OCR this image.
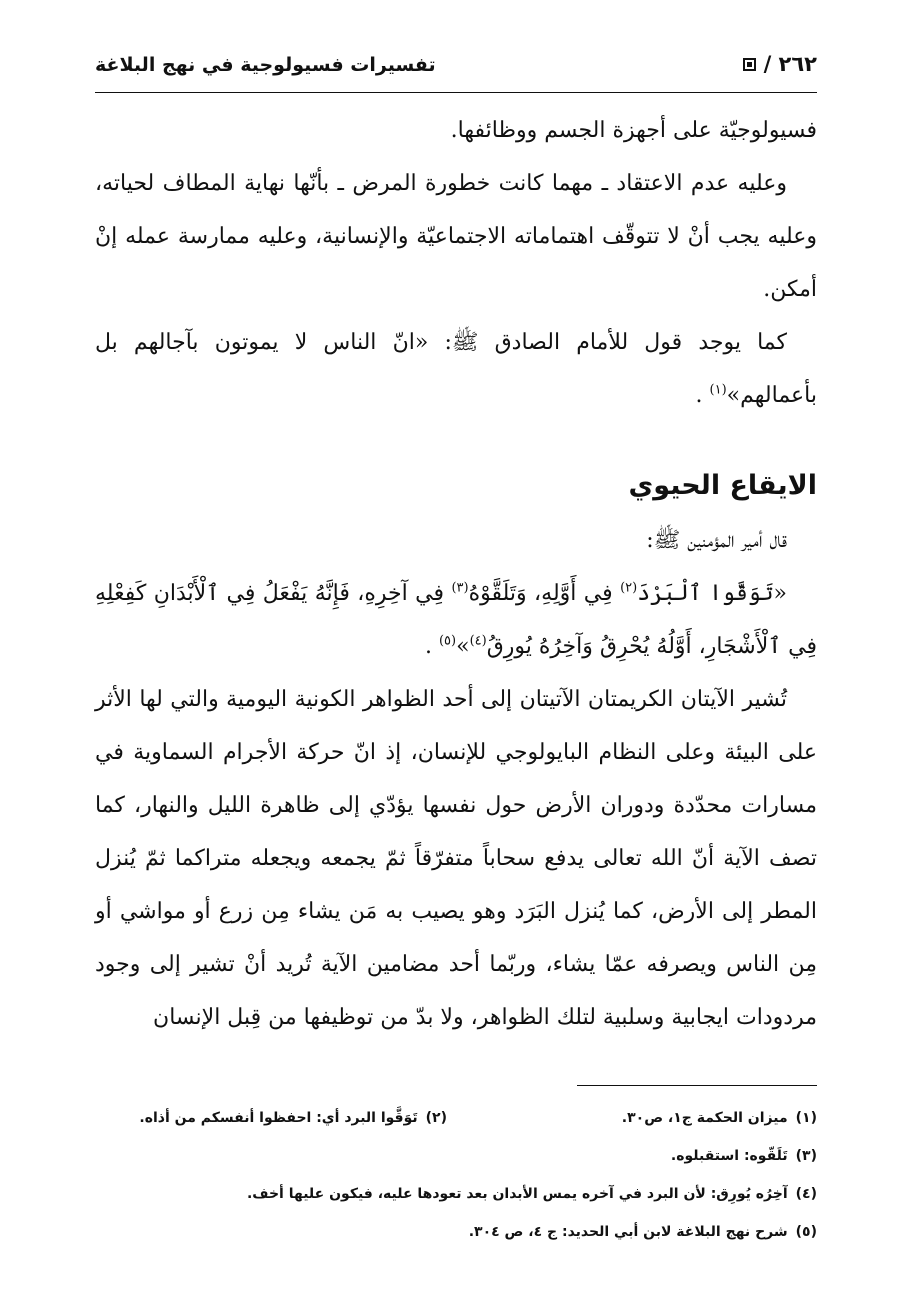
٢٦٢ /
تفسيرات فسيولوجية في نهج البلاغة

فسيولوجيّة على أجهزة الجسم ووظائفها.

وعليه عدم الاعتقاد ـ مهما كانت خطورة المرض ـ بأنّها نهاية المطاف لحياته، وعليه يجب أنْ لا تتوقّف اهتماماته الاجتماعيّة والإنسانية، وعليه ممارسة عمله إنْ أمكن.

كما يوجد قول للأمام الصادق ﷺ: «انّ الناس لا يموتون بآجالهم بل بأعمالهم»$^{(١)}$ .

الايقاع الحيوي

قال أمير المؤمنين ﷺ:

«تَوَقَّوا ٱلْبَرْدَ$^{(٢)}$ فِي أَوَّلِهِ، وَتَلَقَّوْهُ$^{(٣)}$ فِي آخِرِهِ، فَإِنَّهُ يَفْعَلُ فِي ٱلْأَبْدَانِ كَفِعْلِهِ فِي ٱلْأَشْجَارِ، أَوَّلُهُ يُحْرِقُ وَآخِرُهُ يُورِقُ$^{(٤)}$»$^{(٥)}$ .

تُشير الآيتان الكريمتان الآتيتان إلى أحد الظواهر الكونية اليومية والتي لها الأثر على البيئة وعلى النظام البايولوجي للإنسان، إذ انّ حركة الأجرام السماوية في مسارات محدّدة ودوران الأرض حول نفسها يؤدّي إلى ظاهرة الليل والنهار، كما تصف الآية أنّ الله تعالى يدفع سحاباً متفرّقاً ثمّ يجمعه ويجعله متراكما ثمّ يُنزل المطر إلى الأرض، كما يُنزل البَرَد وهو يصيب به مَن يشاء مِن زرع أو مواشي أو مِن الناس ويصرفه عمّا يشاء، وربّما أحد مضامين الآية تُريد أنْ تشير إلى وجود مردودات ايجابية وسلبية لتلك الظواهر، ولا بدّ من توظيفها من قِبل الإنسان

(١)ميزان الحكمة ج١، ص٣٠.
(٢)تَوَقَّوا البرد أي: احفظوا أنفسكم من أذاه.
(٣)تَلَقّوه: استقبلوه.
(٤)آخِرُه يُورِق: لأن البرد في آخره يمس الأبدان بعد تعودها عليه، فيكون عليها أخف.
(٥)شرح نهج البلاغة لابن أبي الحديد: ج ٤، ص ٣٠٤.
